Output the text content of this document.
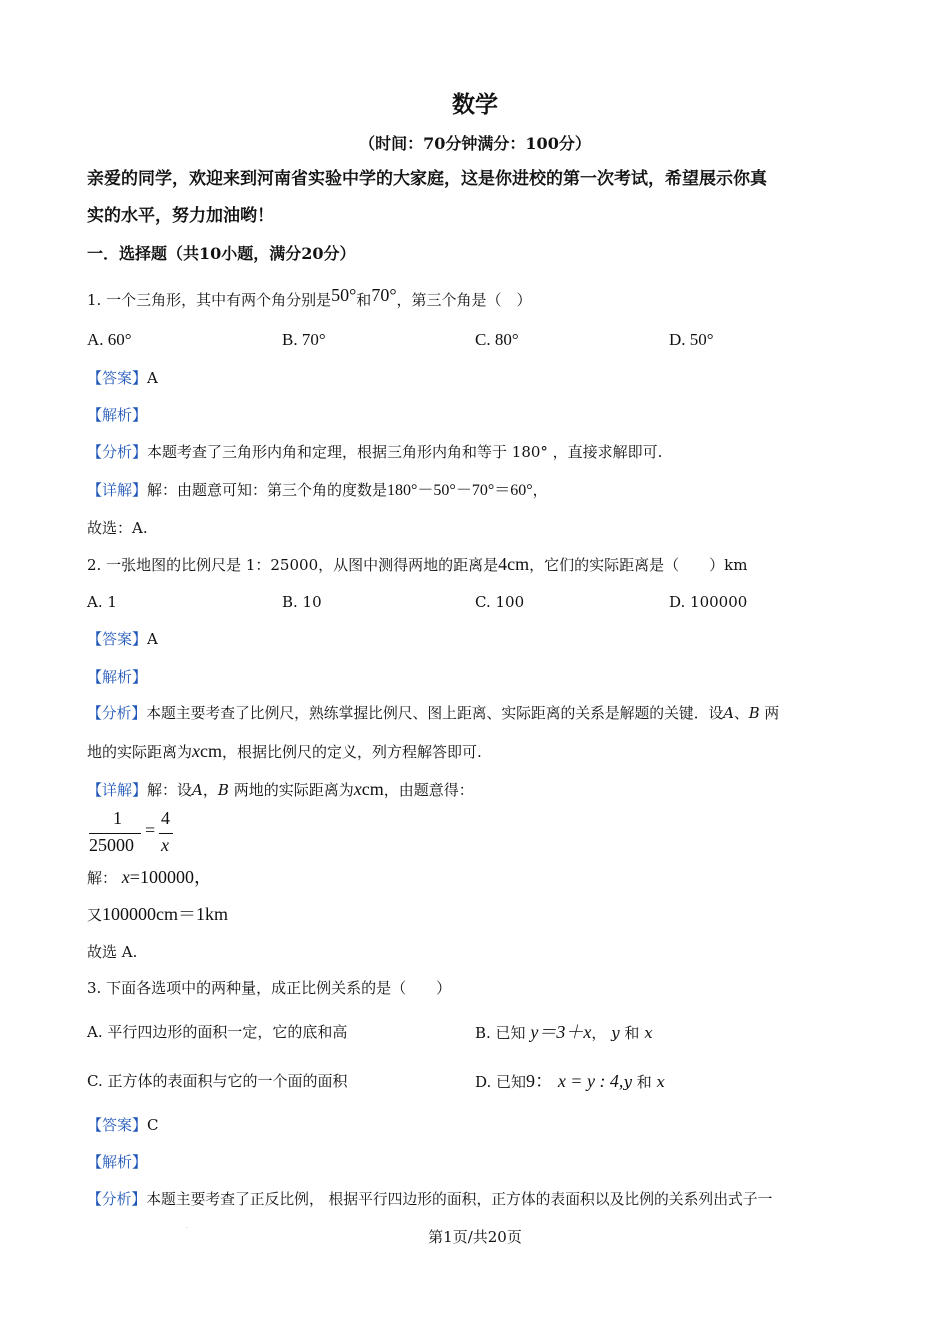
数学
（时间：70分钟满分：100分）
亲爱的同学，欢迎来到河南省实验中学的大家庭，这是你进校的第一次考试，希望展示你真
实的水平，努力加油哟！
一．选择题（共10小题，满分20分）
1. 一个三角形，其中有两个角分别是50°和70°，第三个角是（　）
A. 60°	B. 70°	C. 80°	D. 50°
【答案】A
【解析】
【分析】本题考查了三角形内角和定理，根据三角形内角和等于 180° ，直接求解即可.
【详解】解：由题意可知：第三个角的度数是180°－50°－70°＝60°，
故选：A.
2. 一张地图的比例尺是 1：25000，从图中测得两地的距离是4cm，它们的实际距离是（　　）km
A. 1	B. 10	C. 100	D. 100000
【答案】A
【解析】
【分析】本题主要考查了比例尺，熟练掌握比例尺、图上距离、实际距离的关系是解题的关键．设A、B 两
地的实际距离为xcm，根据比例尺的定义，列方程解答即可.
【详解】解：设A，B 两地的实际距离为xcm，由题意得：
1
25000
=
4
x
解： x=100000，
又100000cm＝1km
故选 A.
3. 下面各选项中的两种量，成正比例关系的是（　　）
A. 平行四边形的面积一定，它的底和高	B. 已知 y＝3＋x， y 和 x
C. 正方体的表面积与它的一个面的面积	D. 已知9： x = y : 4,y 和 x
【答案】C
【解析】
【分析】本题主要考查了正反比例， 根据平行四边形的面积，正方体的表面积以及比例的关系列出式子一
·	第1页/共20页
